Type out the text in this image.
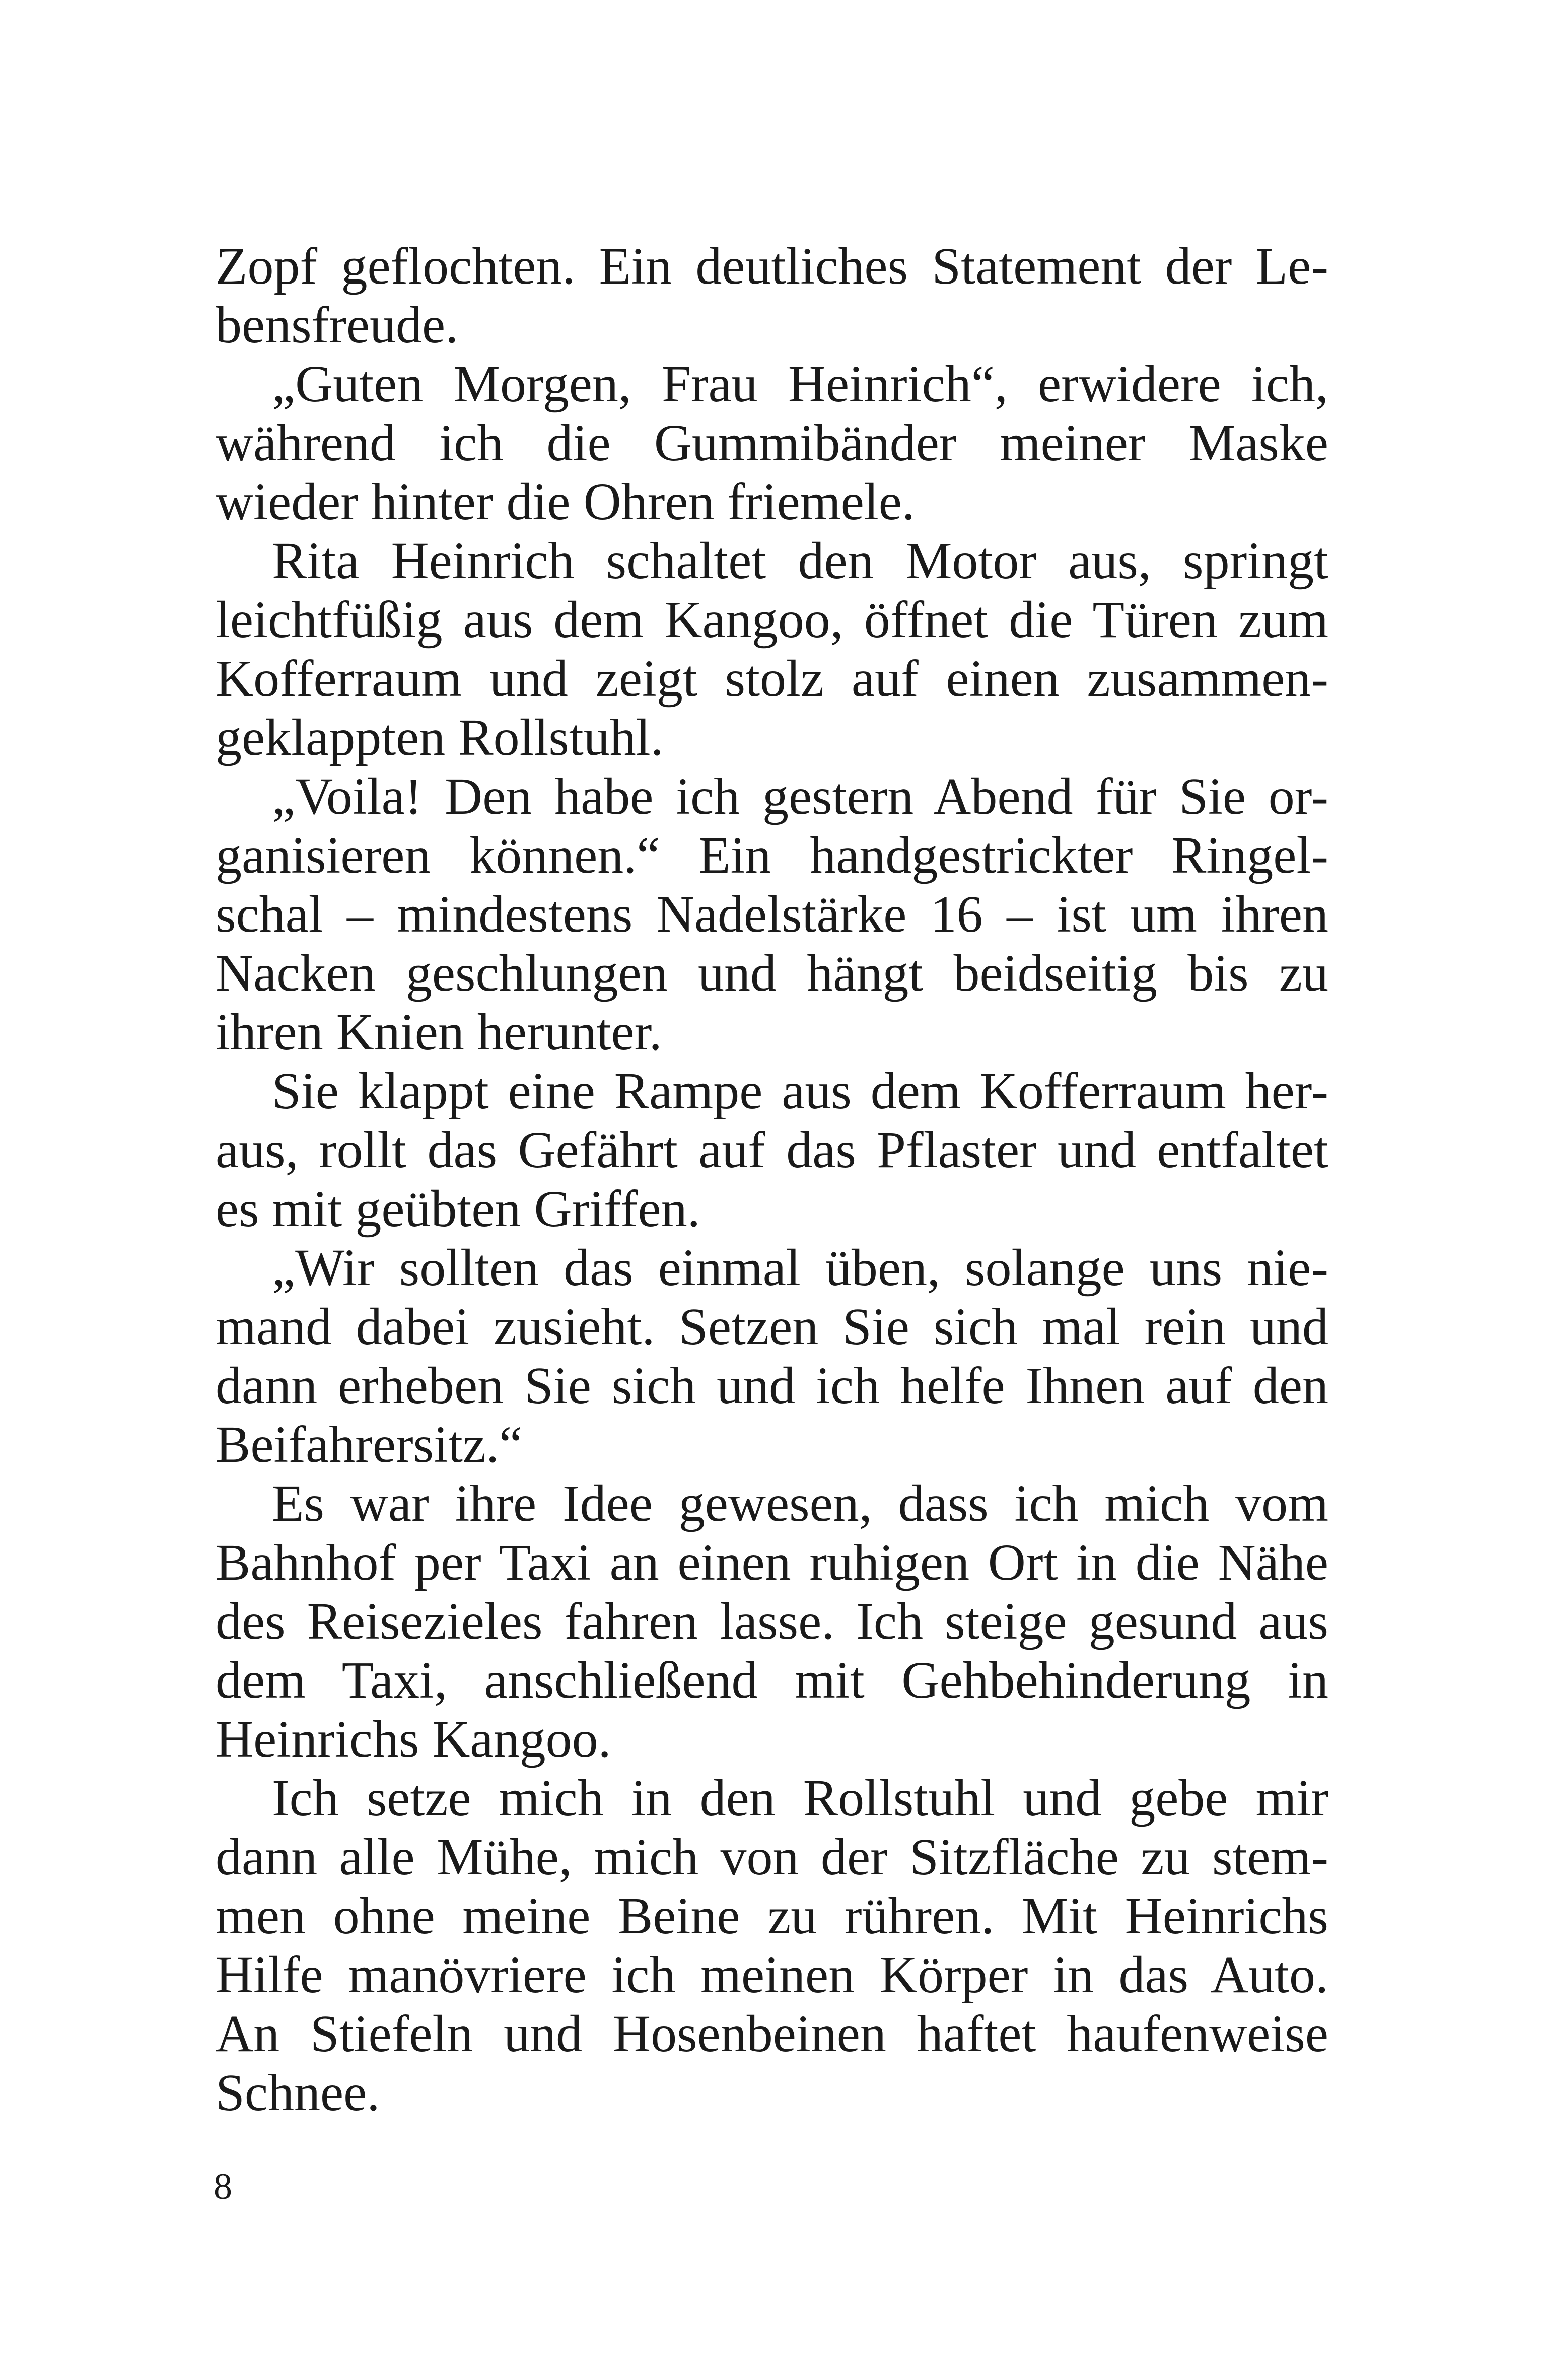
Zopf geflochten. Ein deutliches Statement der Le-
bensfreude.
„Guten Morgen, Frau Heinrich“, erwidere ich,
während ich die Gummibänder meiner Maske
wieder hinter die Ohren friemele.
Rita Heinrich schaltet den Motor aus, springt
leichtfüßig aus dem Kangoo, öffnet die Türen zum
Kofferraum und zeigt stolz auf einen zusammen-
geklappten Rollstuhl.
„Voila! Den habe ich gestern Abend für Sie or-
ganisieren können.“ Ein handgestrickter Ringel-
schal – mindestens Nadelstärke 16 – ist um ihren
Nacken geschlungen und hängt beidseitig bis zu
ihren Knien herunter.
Sie klappt eine Rampe aus dem Kofferraum her-
aus, rollt das Gefährt auf das Pflaster und entfaltet
es mit geübten Griffen.
„Wir sollten das einmal üben, solange uns nie-
mand dabei zusieht. Setzen Sie sich mal rein und
dann erheben Sie sich und ich helfe Ihnen auf den
Beifahrersitz.“
Es war ihre Idee gewesen, dass ich mich vom
Bahnhof per Taxi an einen ruhigen Ort in die Nähe
des Reisezieles fahren lasse. Ich steige gesund aus
dem Taxi, anschließend mit Gehbehinderung in
Heinrichs Kangoo.
Ich setze mich in den Rollstuhl und gebe mir
dann alle Mühe, mich von der Sitzfläche zu stem-
men ohne meine Beine zu rühren. Mit Heinrichs
Hilfe manövriere ich meinen Körper in das Auto.
An Stiefeln und Hosenbeinen haftet haufenweise
Schnee.
8
